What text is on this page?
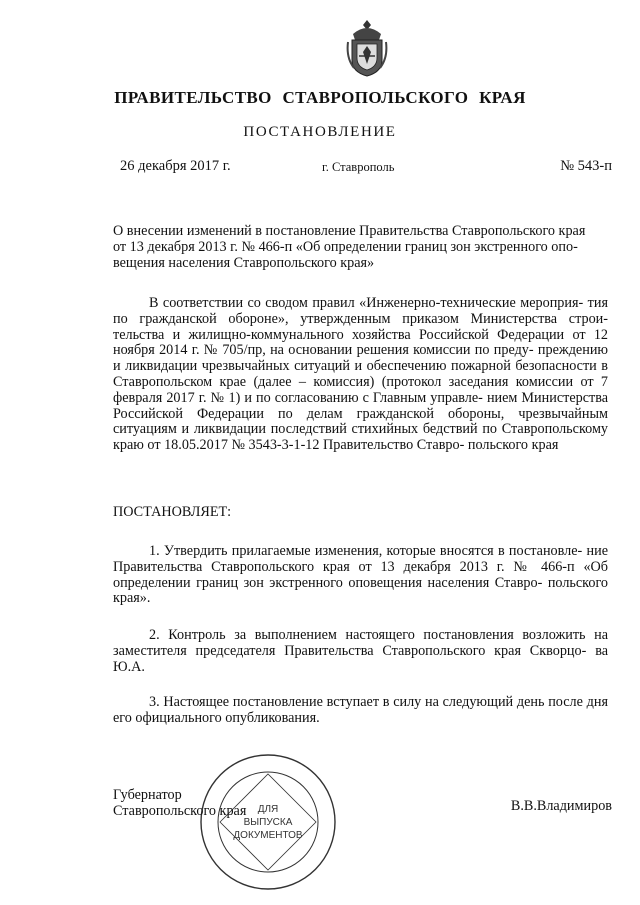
ПРАВИТЕЛЬСТВО СТАВРОПОЛЬСКОГО КРАЯ
ПОСТАНОВЛЕНИЕ
26 декабря 2017 г.	г. Ставрополь	№ 543-п
О внесении изменений в постановление Правительства Ставропольского края
от 13 декабря 2013 г. № 466-п «Об определении границ зон экстренного опо-
вещения населения Ставропольского края»
В соответствии со сводом правил «Инженерно-технические мероприя- тия по гражданской обороне», утвержденным приказом Министерства строи- тельства и жилищно-коммунального хозяйства Российской Федерации от 12 ноября 2014 г. № 705/пр, на основании решения комиссии по преду- преждению и ликвидации чрезвычайных ситуаций и обеспечению пожарной безопасности в Ставропольском крае (далее – комиссия) (протокол заседания комиссии от 7 февраля 2017 г. № 1) и по согласованию с Главным управле- нием Министерства Российской Федерации по делам гражданской обороны, чрезвычайным ситуациям и ликвидации последствий стихийных бедствий по Ставропольскому краю от 18.05.2017 № 3543-3-1-12 Правительство Ставро- польского края
ПОСТАНОВЛЯЕТ:
1. Утвердить прилагаемые изменения, которые вносятся в постановле- ние Правительства Ставропольского края от 13 декабря 2013 г. № 466-п «Об определении границ зон экстренного оповещения населения Ставро- польского края».
2. Контроль за выполнением настоящего постановления возложить на заместителя председателя Правительства Ставропольского края Скворцо- ва Ю.А.
3. Настоящее постановление вступает в силу на следующий день после дня его официального опубликования.
ДЛЯ
ВЫПУСКА
ДОКУМЕНТОВ
Губернатор
Ставропольского края	В.В.Владимиров
